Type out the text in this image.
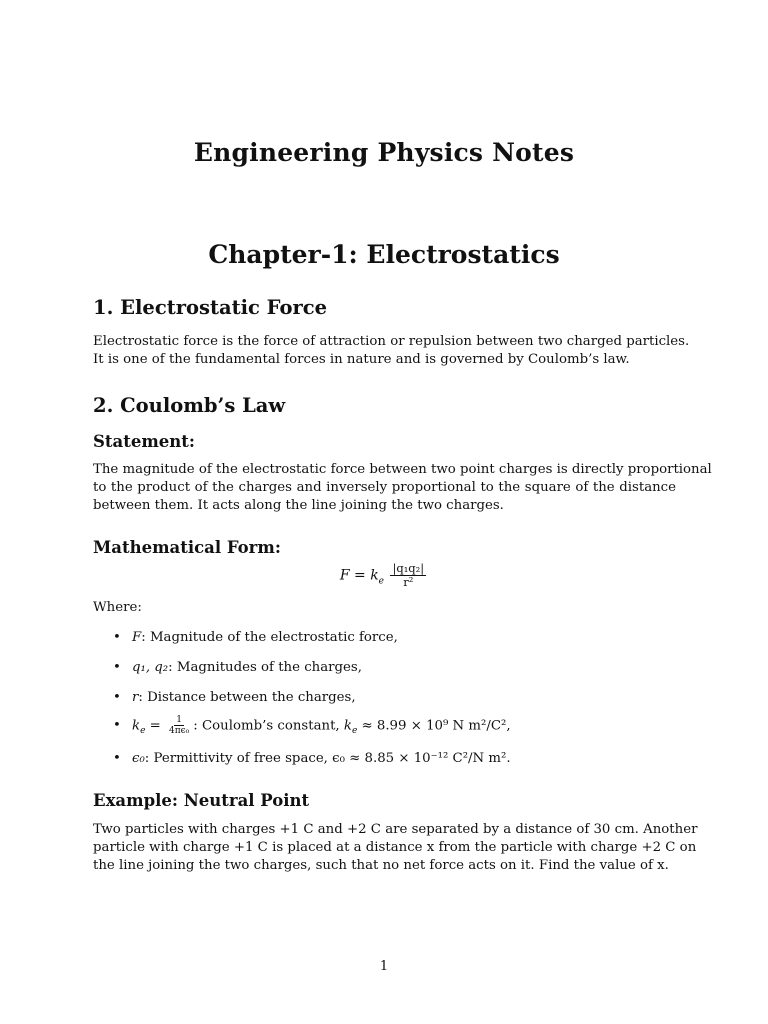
Engineering Physics Notes
Chapter-1: Electrostatics
1. Electrostatic Force
Electrostatic force is the force of attraction or repulsion between two charged particles.
It is one of the fundamental forces in nature and is governed by Coulomb’s law.
2. Coulomb’s Law
Statement:
The magnitude of the electrostatic force between two point charges is directly proportional
to the product of the charges and inversely proportional to the square of the distance
between them. It acts along the line joining the two charges.
Mathematical Form:
$F = k_e \frac{\text{|q₁q₂|}}{\text{r²}}$
Where:
• F: Magnitude of the electrostatic force,
• q₁, q₂: Magnitudes of the charges,
• r: Distance between the charges,
• $k_e = \frac{1}{\text{4πϵ₀}}$ : Coulomb’s constant, $k_e \approx 8.99 \times 10^9$ N m²/C²,
• ϵ₀: Permittivity of free space, ϵ₀ ≈ 8.85 × 10⁻¹² C²/N m².
Example: Neutral Point
Two particles with charges +1 C and +2 C are separated by a distance of 30 cm. Another
particle with charge +1 C is placed at a distance x from the particle with charge +2 C on
the line joining the two charges, such that no net force acts on it. Find the value of x.
1
